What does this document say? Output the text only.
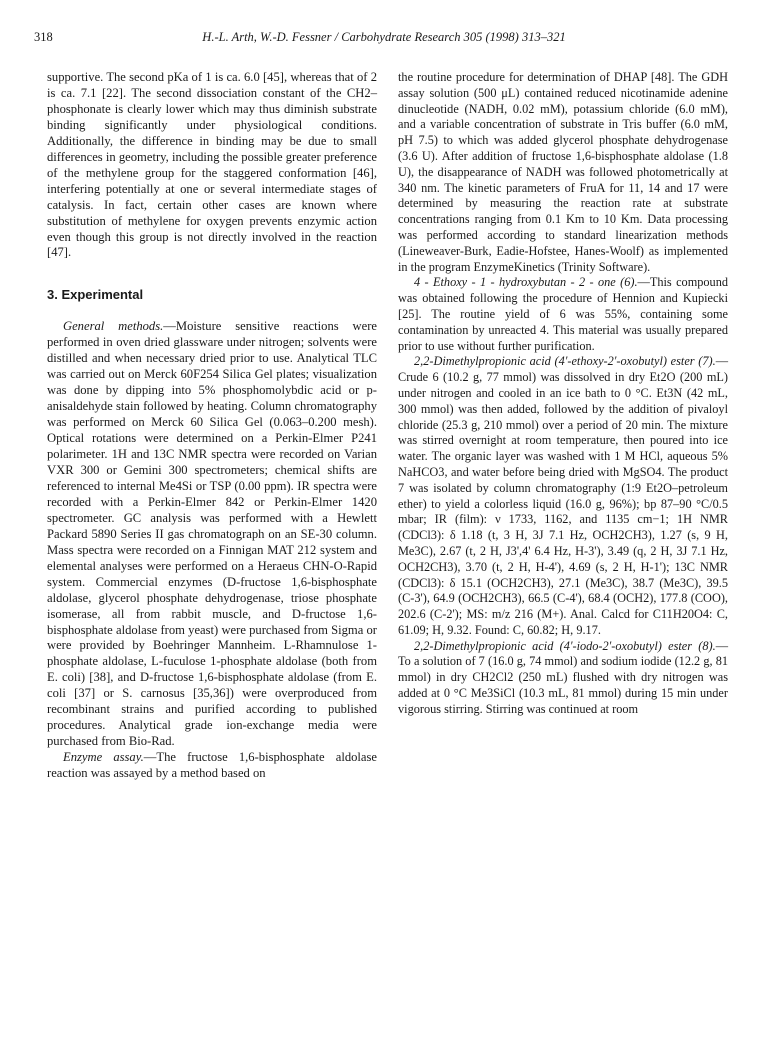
318	H.-L. Arth, W.-D. Fessner / Carbohydrate Research 305 (1998) 313–321

supportive. The second pKa of 1 is ca. 6.0 [45], whereas that of 2 is ca. 7.1 [22]. The second dissociation constant of the CH2–phosphonate is clearly lower which may thus diminish substrate binding significantly under physiological conditions. Additionally, the difference in binding may be due to small differences in geometry, including the possible greater preference of the methylene group for the staggered conformation [46], interfering potentially at one or several intermediate stages of catalysis. In fact, certain other cases are known where substitution of methylene for oxygen prevents enzymic action even though this group is not directly involved in the reaction [47].

3. Experimental

General methods.—Moisture sensitive reactions were performed in oven dried glassware under nitrogen; solvents were distilled and when necessary dried prior to use. Analytical TLC was carried out on Merck 60F254 Silica Gel plates; visualization was done by dipping into 5% phosphomolybdic acid or p-anisaldehyde stain followed by heating. Column chromatography was performed on Merck 60 Silica Gel (0.063–0.200 mesh). Optical rotations were determined on a Perkin-Elmer P241 polarimeter. 1H and 13C NMR spectra were recorded on Varian VXR 300 or Gemini 300 spectrometers; chemical shifts are referenced to internal Me4Si or TSP (0.00 ppm). IR spectra were recorded with a Perkin-Elmer 842 or Perkin-Elmer 1420 spectrometer. GC analysis was performed with a Hewlett Packard 5890 Series II gas chromatograph on an SE-30 column. Mass spectra were recorded on a Finnigan MAT 212 system and elemental analyses were performed on a Heraeus CHN-O-Rapid system. Commercial enzymes (D-fructose 1,6-bisphosphate aldolase, glycerol phosphate dehydrogenase, triose phosphate isomerase, all from rabbit muscle, and D-fructose 1,6-bisphosphate aldolase from yeast) were purchased from Sigma or were provided by Boehringer Mannheim. L-Rhamnulose 1-phosphate aldolase, L-fuculose 1-phosphate aldolase (both from E. coli) [38], and D-fructose 1,6-bisphosphate aldolase (from E. coli [37] or S. carnosus [35,36]) were overproduced from recombinant strains and purified according to published procedures. Analytical grade ion-exchange media were purchased from Bio-Rad.

Enzyme assay.—The fructose 1,6-bisphosphate aldolase reaction was assayed by a method based on

the routine procedure for determination of DHAP [48]. The GDH assay solution (500 μL) contained reduced nicotinamide adenine dinucleotide (NADH, 0.02 mM), potassium chloride (6.0 mM), and a variable concentration of substrate in Tris buffer (6.0 mM, pH 7.5) to which was added glycerol phosphate dehydrogenase (3.6 U). After addition of fructose 1,6-bisphosphate aldolase (1.8 U), the disappearance of NADH was followed photometrically at 340 nm. The kinetic parameters of FruA for 11, 14 and 17 were determined by measuring the reaction rate at substrate concentrations ranging from 0.1 Km to 10 Km. Data processing was performed according to standard linearization methods (Lineweaver-Burk, Eadie-Hofstee, Hanes-Woolf) as implemented in the program EnzymeKinetics (Trinity Software).

4 - Ethoxy - 1 - hydroxybutan - 2 - one (6).—This compound was obtained following the procedure of Hennion and Kupiecki [25]. The routine yield of 6 was 55%, containing some contamination by unreacted 4. This material was usually prepared prior to use without further purification.

2,2-Dimethylpropionic acid (4'-ethoxy-2'-oxobutyl) ester (7).—Crude 6 (10.2 g, 77 mmol) was dissolved in dry Et2O (200 mL) under nitrogen and cooled in an ice bath to 0 °C. Et3N (42 mL, 300 mmol) was then added, followed by the addition of pivaloyl chloride (25.3 g, 210 mmol) over a period of 20 min. The mixture was stirred overnight at room temperature, then poured into ice water. The organic layer was washed with 1 M HCl, aqueous 5% NaHCO3, and water before being dried with MgSO4. The product 7 was isolated by column chromatography (1:9 Et2O–petroleum ether) to yield a colorless liquid (16.0 g, 96%); bp 87–90 °C/0.5 mbar; IR (film): ν 1733, 1162, and 1135 cm−1; 1H NMR (CDCl3): δ 1.18 (t, 3 H, 3J 7.1 Hz, OCH2CH3), 1.27 (s, 9 H, Me3C), 2.67 (t, 2 H, J3',4' 6.4 Hz, H-3'), 3.49 (q, 2 H, 3J 7.1 Hz, OCH2CH3), 3.70 (t, 2 H, H-4'), 4.69 (s, 2 H, H-1'); 13C NMR (CDCl3): δ 15.1 (OCH2CH3), 27.1 (Me3C), 38.7 (Me3C), 39.5 (C-3'), 64.9 (OCH2CH3), 66.5 (C-4'), 68.4 (OCH2), 177.8 (COO), 202.6 (C-2'); MS: m/z 216 (M+). Anal. Calcd for C11H20O4: C, 61.09; H, 9.32. Found: C, 60.82; H, 9.17.

2,2-Dimethylpropionic acid (4'-iodo-2'-oxobutyl) ester (8).—To a solution of 7 (16.0 g, 74 mmol) and sodium iodide (12.2 g, 81 mmol) in dry CH2Cl2 (250 mL) flushed with dry nitrogen was added at 0 °C Me3SiCl (10.3 mL, 81 mmol) during 15 min under vigorous stirring. Stirring was continued at room
